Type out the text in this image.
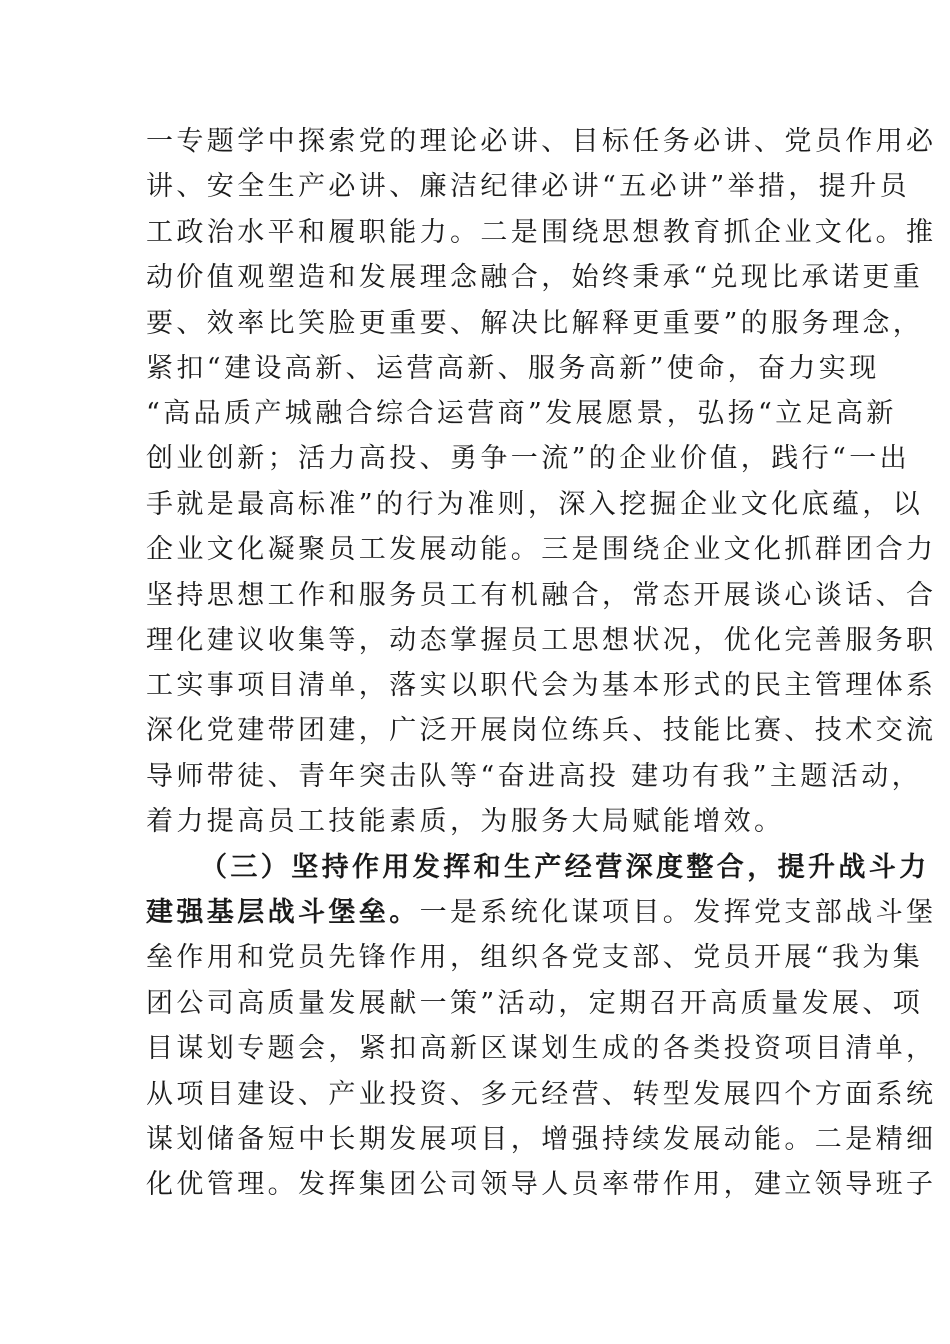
一专题学中探索党的理论必讲、目标任务必讲、党员作用必
讲、安全生产必讲、廉洁纪律必讲“五必讲”举措，提升员
工政治水平和履职能力。二是围绕思想教育抓企业文化。推
动价值观塑造和发展理念融合，始终秉承“兑现比承诺更重
要、效率比笑脸更重要、解决比解释更重要”的服务理念，
紧扣“建设高新、运营高新、服务高新”使命，奋力实现
“高品质产城融合综合运营商”发展愿景，弘扬“立足高新
创业创新；活力高投、勇争一流”的企业价值，践行“一出
手就是最高标准”的行为准则，深入挖掘企业文化底蕴，以
企业文化凝聚员工发展动能。三是围绕企业文化抓群团合力
坚持思想工作和服务员工有机融合，常态开展谈心谈话、合
理化建议收集等，动态掌握员工思想状况，优化完善服务职
工实事项目清单，落实以职代会为基本形式的民主管理体系
深化党建带团建，广泛开展岗位练兵、技能比赛、技术交流
导师带徒、青年突击队等“奋进高投 建功有我”主题活动，
着力提高员工技能素质，为服务大局赋能增效。
（三）坚持作用发挥和生产经营深度整合，提升战斗力
建强基层战斗堡垒。一是系统化谋项目。发挥党支部战斗堡
垒作用和党员先锋作用，组织各党支部、党员开展“我为集
团公司高质量发展献一策”活动，定期召开高质量发展、项
目谋划专题会，紧扣高新区谋划生成的各类投资项目清单，
从项目建设、产业投资、多元经营、转型发展四个方面系统
谋划储备短中长期发展项目，增强持续发展动能。二是精细
化优管理。发挥集团公司领导人员率带作用，建立领导班子
